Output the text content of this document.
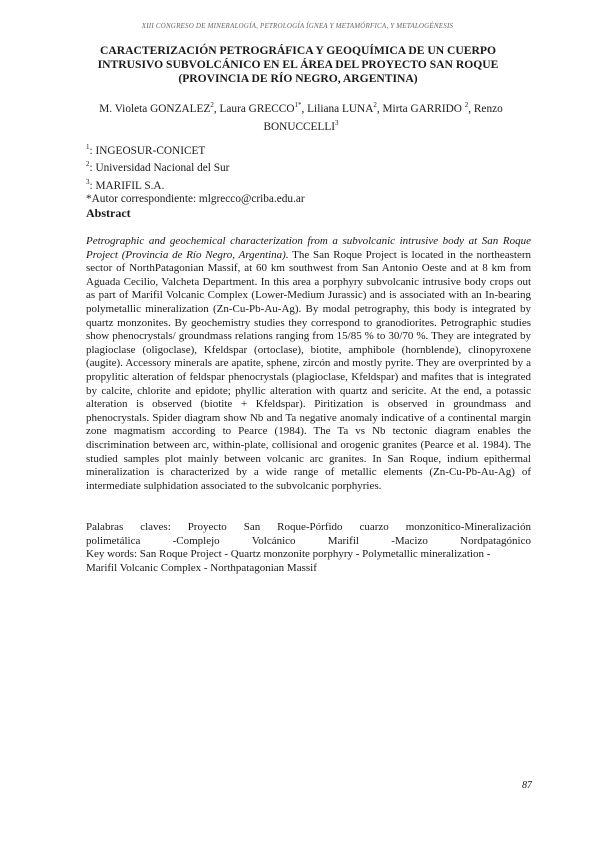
XIII CONGRESO DE MINERALOGÍA, PETROLOGÍA ÍGNEA Y METAMÓRFICA, Y METALOGÉNESIS
CARACTERIZACIÓN PETROGRÁFICA Y GEOQUÍMICA DE UN CUERPO
INTRUSIVO SUBVOLCÁNICO EN EL ÁREA DEL PROYECTO SAN ROQUE
(PROVINCIA DE RÍO NEGRO, ARGENTINA)
M. Violeta GONZALEZ$^2$, Laura $GRECCO^{1*}$, Liliana LUNA$^2$, Mirta GARRIDO $^2$, Renzo BONUCCELLI$^3$
$^1$: INGEOSUR-CONICET
$^2$: Universidad Nacional del Sur
$^3$: MARIFIL S.A.
*Autor correspondiente: mlgrecco@criba.edu.ar
Abstract
Petrographic and geochemical characterization from a subvolcanic intrusive body at San Roque Project (Provincia de Río Negro, Argentina). The San Roque Project is located in the northeastern sector of NorthPatagonian Massif, at 60 km southwest from San Antonio Oeste and at 8 km from Aguada Cecilio, Valcheta Department. In this area a porphyry subvolcanic intrusive body crops out as part of Marifil Volcanic Complex (Lower-Medium Jurassic) and is associated with an In-bearing polymetallic mineralization (Zn-Cu-Pb-Au-Ag). By modal petrography, this body is integrated by quartz monzonites. By geochemistry studies they correspond to granodiorites. Petrographic studies show phenocrystals/ groundmass relations ranging from 15/85 % to 30/70 %. They are integrated by plagioclase (oligoclase), Kfeldspar (ortoclase), biotite, amphibole (hornblende), clinopyroxene (augite). Accessory minerals are apatite, sphene, zircón and mostly pyrite. They are overprinted by a propylitic alteration of feldspar phenocrystals (plagioclase, Kfeldspar) and mafites that is integrated by calcite, chlorite and epidote; phyllic alteration with quartz and sericite. At the end, a potassic alteration is observed (biotite + Kfeldspar). Piritization is observed in groundmass and phenocrystals. Spider diagram show Nb and Ta negative anomaly indicative of a continental margin zone magmatism according to Pearce (1984). The Ta vs Nb tectonic diagram enables the discrimination between arc, within-plate, collisional and orogenic granites (Pearce et al. 1984). The studied samples plot mainly between volcanic arc granites. In San Roque, indium epithermal mineralization is characterized by a wide range of metallic elements (Zn-Cu-Pb-Au-Ag) of intermediate sulphidation associated to the subvolcanic porphyries.
Palabras claves: Proyecto San Roque-Pórfido cuarzo monzonítico-Mineralización
polimetálica -Complejo Volcánico Marifil -Macizo Nordpatagónico
Key words: San Roque Project - Quartz monzonite porphyry - Polymetallic mineralization -
Marifil Volcanic Complex - Northpatagonian Massif
87
